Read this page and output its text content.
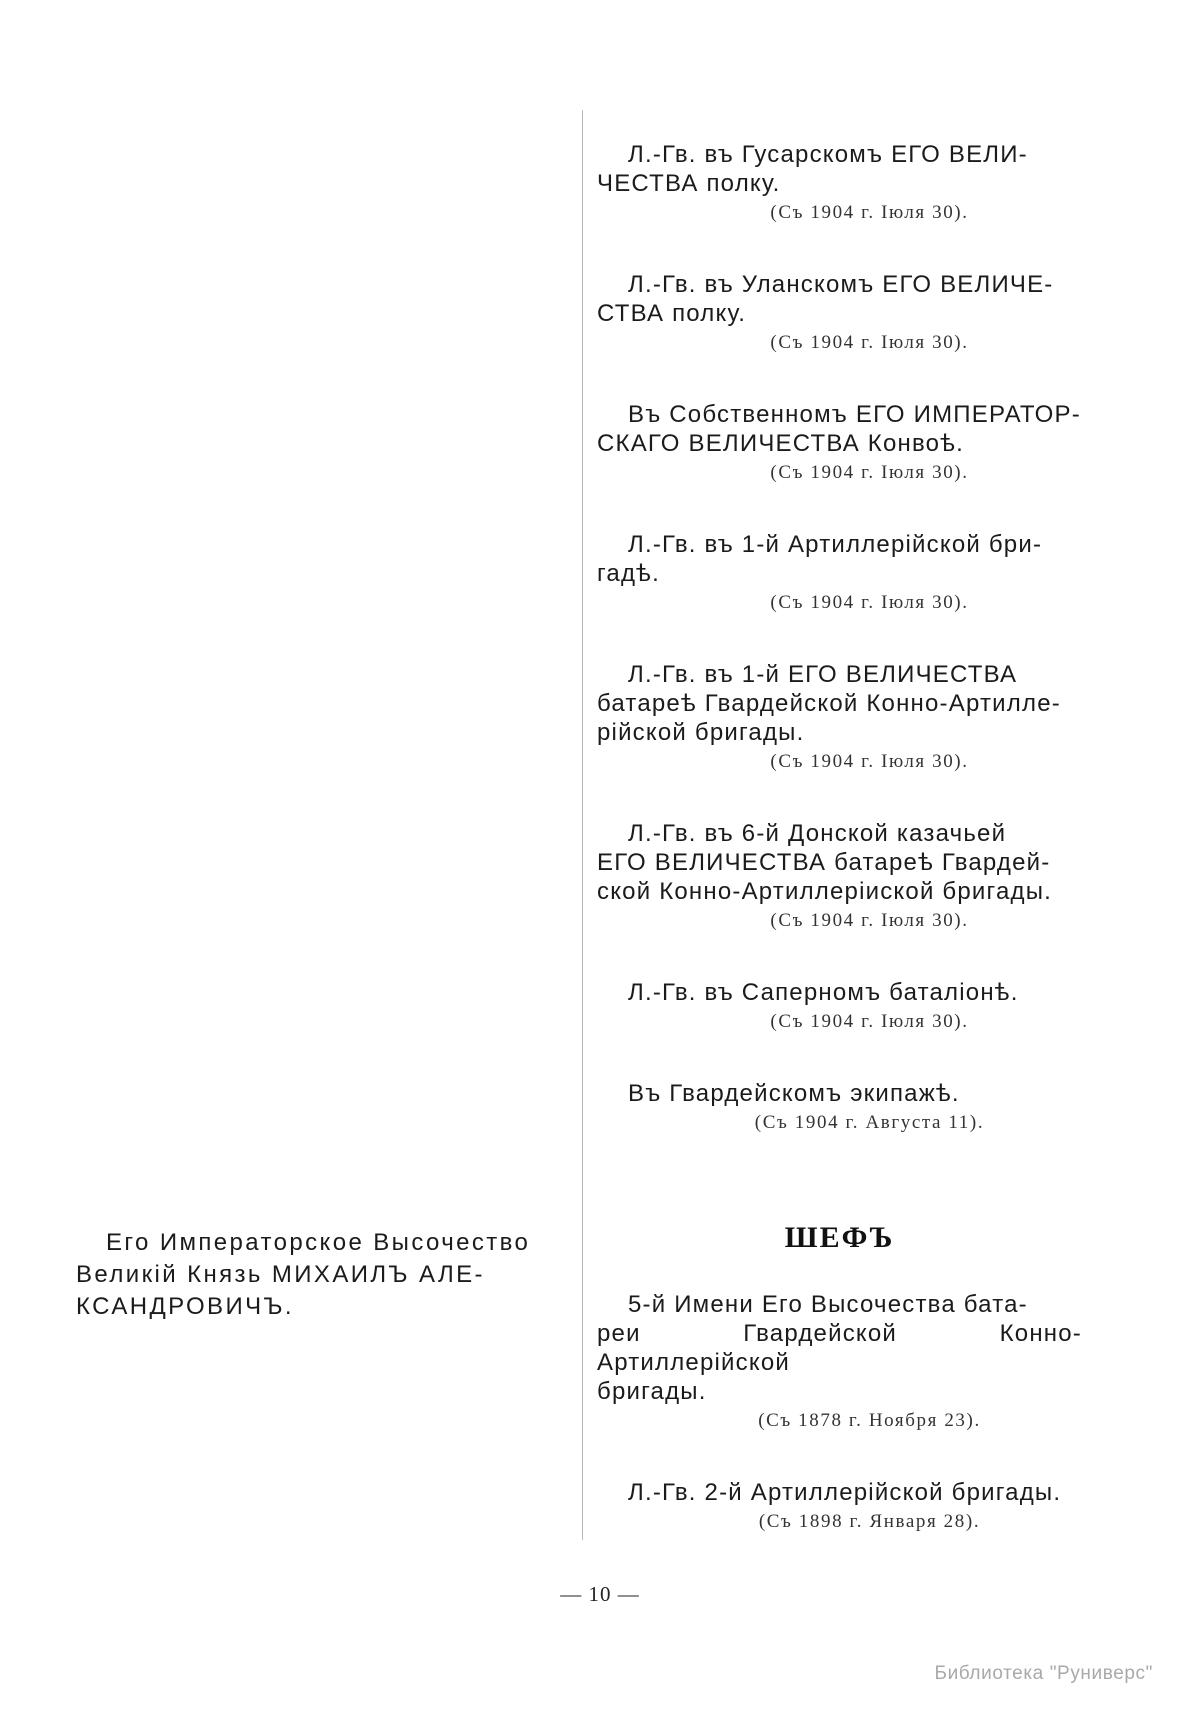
Л.-Гв. въ Гусарскомъ ЕГО ВЕЛИ-
ЧЕСТВА полку.

(Съ 1904 г. Іюля 30).

Л.-Гв. въ Уланскомъ ЕГО ВЕЛИЧЕ-
СТВА полку.

(Съ 1904 г. Іюля 30).

Въ Собственномъ ЕГО ИМПЕРАТОР-
СКАГО ВЕЛИЧЕСТВА Конвоѣ.

(Съ 1904 г. Іюля 30).

Л.-Гв. въ 1-й Артиллерійской бри-
гадѣ.

(Съ 1904 г. Іюля 30).

Л.-Гв. въ 1-й ЕГО ВЕЛИЧЕСТВА
батареѣ Гвардейской Конно-Артилле-
рійской бригады.

(Съ 1904 г. Іюля 30).

Л.-Гв. въ 6-й Донской казачьей
ЕГО ВЕЛИЧЕСТВА батареѣ Гвардей-
ской Конно-Артиллеріиской бригады.

(Съ 1904 г. Іюля 30).

Л.-Гв. въ Саперномъ баталіонѣ.

(Съ 1904 г. Іюля 30).

Въ Гвардейскомъ экипажѣ.

(Съ 1904 г. Августа 11).

Его Императорское Высочество
Великій Князь МИХАИЛЪ АЛЕ-
КСАНДРОВИЧЪ.

ШЕФЪ

5-й Имени Его Высочества бата-
реи Гвардейской Конно-Артиллерійской
бригады.

(Съ 1878 г. Ноября 23).

Л.-Гв. 2-й Артиллерійской бригады.

(Съ 1898 г. Января 28).
— 10 —
Библиотека "Руниверс"
